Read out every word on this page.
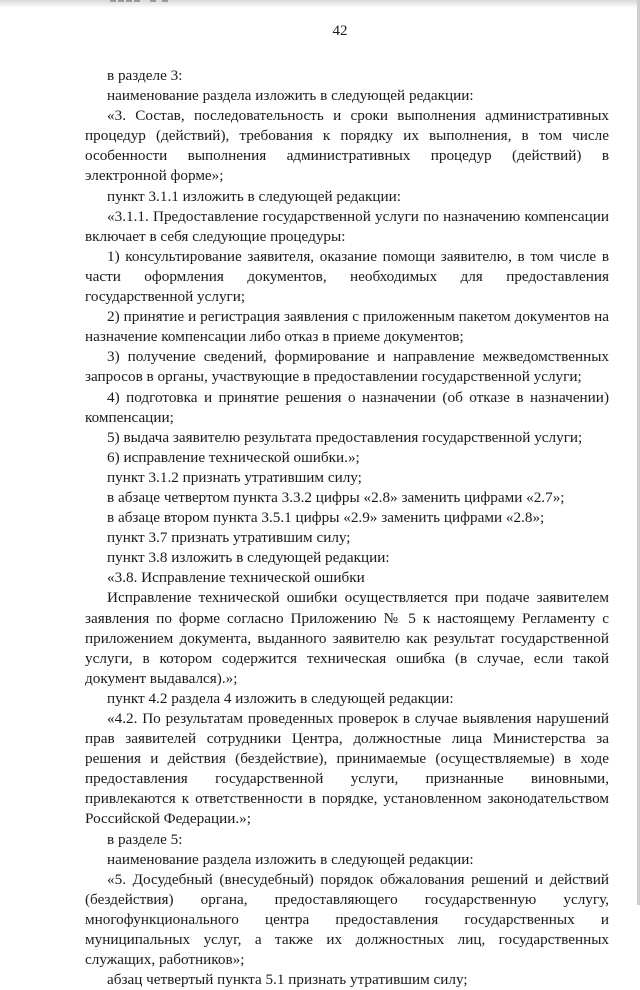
42

в разделе 3:

наименование раздела изложить в следующей редакции:

«3. Состав, последовательность и сроки выполнения административных процедур (действий), требования к порядку их выполнения, в том числе особенности выполнения административных процедур (действий) в электронной форме»;

пункт 3.1.1 изложить в следующей редакции:

«3.1.1. Предоставление государственной услуги по назначению компенсации включает в себя следующие процедуры:

1) консультирование заявителя, оказание помощи заявителю, в том числе в части оформления документов, необходимых для предоставления государственной услуги;

2) принятие и регистрация заявления с приложенным пакетом документов на назначение компенсации либо отказ в приеме документов;

3) получение сведений, формирование и направление межведомственных запросов в органы, участвующие в предоставлении государственной услуги;

4) подготовка и принятие решения о назначении (об отказе в назначении) компенсации;

5) выдача заявителю результата предоставления государственной услуги;

6) исправление технической ошибки.»;

пункт 3.1.2 признать утратившим силу;

в абзаце четвертом пункта 3.3.2 цифры «2.8» заменить цифрами «2.7»;

в абзаце втором пункта 3.5.1 цифры «2.9» заменить цифрами «2.8»;

пункт 3.7 признать утратившим силу;

пункт 3.8 изложить в следующей редакции:

«3.8. Исправление технической ошибки

Исправление технической ошибки осуществляется при подаче заявителем заявления по форме согласно Приложению № 5 к настоящему Регламенту с приложением документа, выданного заявителю как результат государственной услуги, в котором содержится техническая ошибка (в случае, если такой документ выдавался).»;

пункт 4.2 раздела 4 изложить в следующей редакции:

«4.2. По результатам проведенных проверок в случае выявления нарушений прав заявителей сотрудники Центра, должностные лица Министерства за решения и действия (бездействие), принимаемые (осуществляемые) в ходе предоставления государственной услуги, признанные виновными, привлекаются к ответственности в порядке, установленном законодательством Российской Федерации.»;

в разделе 5:

наименование раздела изложить в следующей редакции:

«5. Досудебный (внесудебный) порядок обжалования решений и действий (бездействия) органа, предоставляющего государственную услугу, многофункционального центра предоставления государственных и муниципальных услуг, а также их должностных лиц, государственных служащих, работников»;

абзац четвертый пункта 5.1 признать утратившим силу;
